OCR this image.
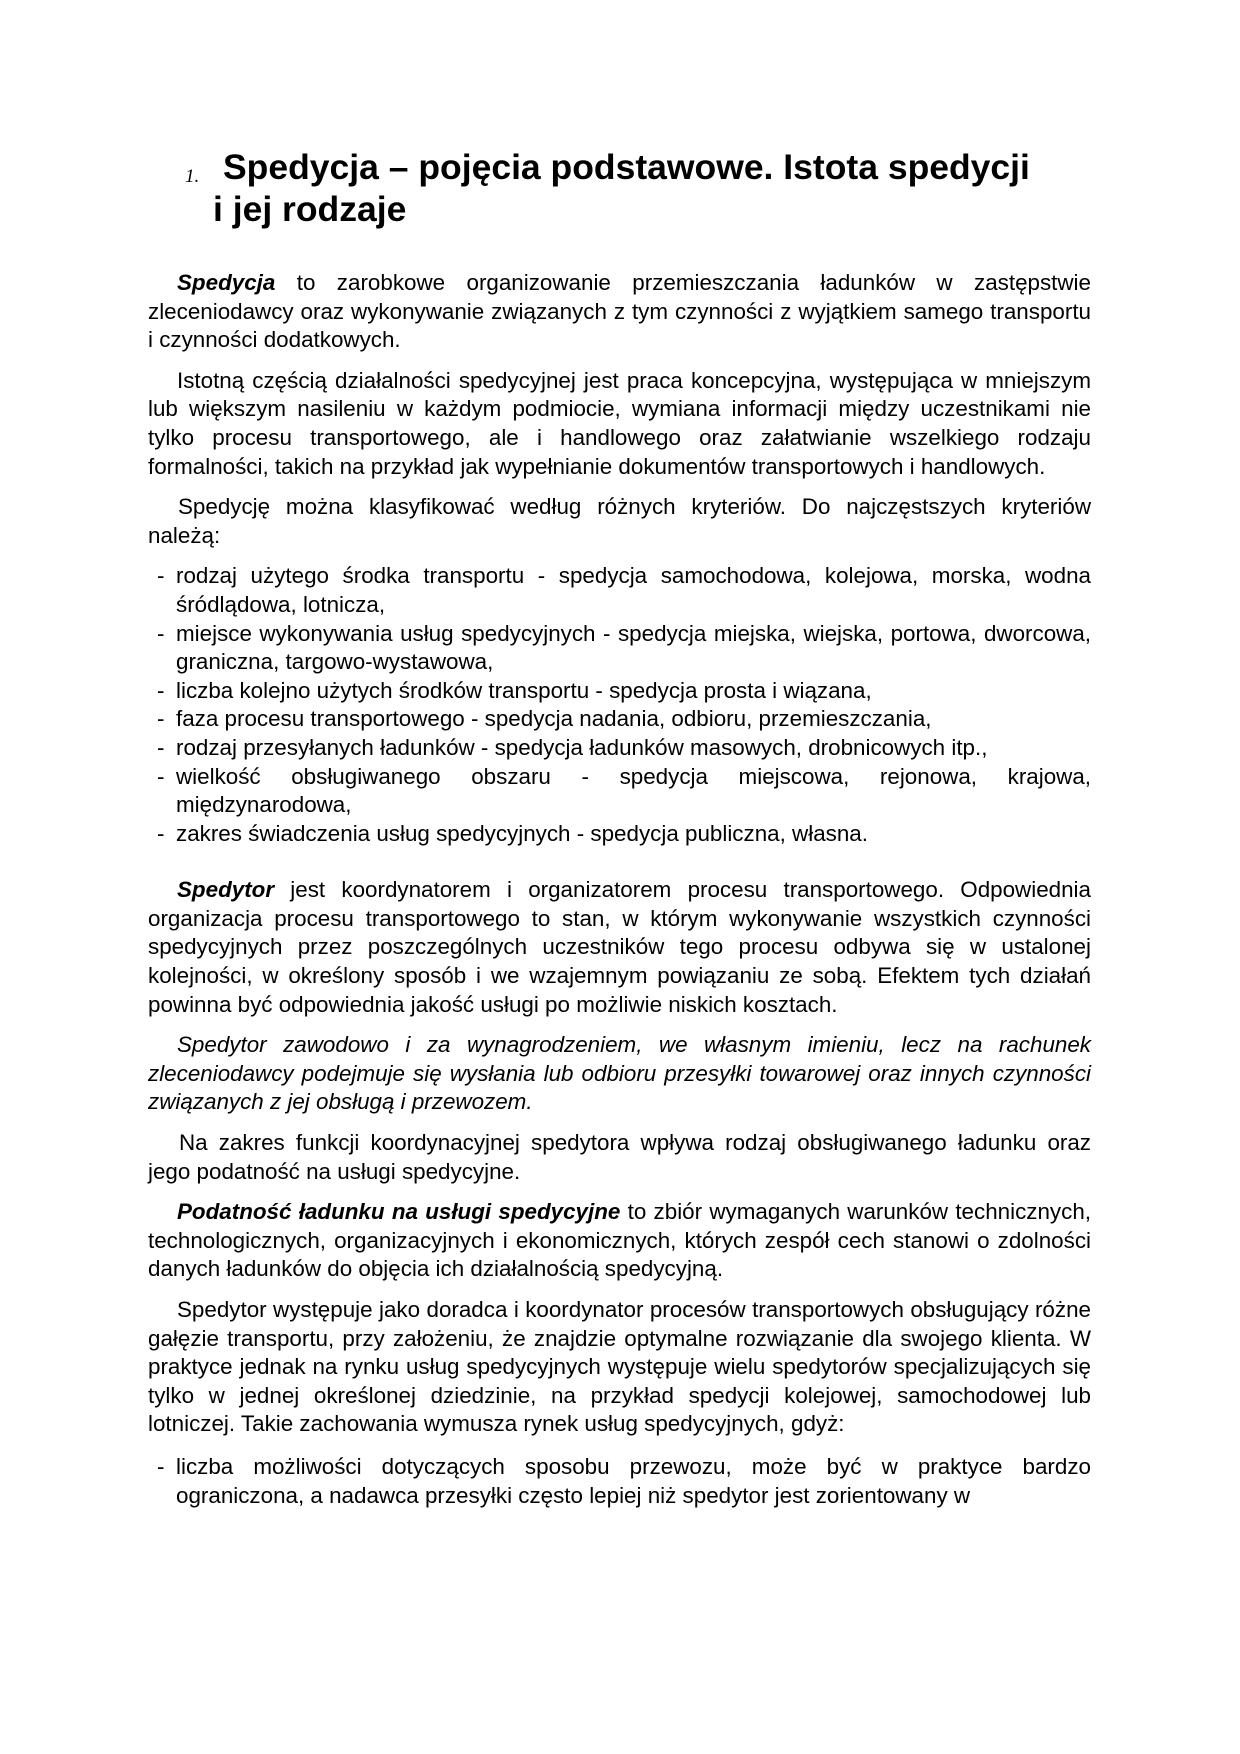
1. Spedycja – pojęcia podstawowe. Istota spedycji
i jej rodzaje

Spedycja to zarobkowe organizowanie przemieszczania ładunków w zastępstwie zleceniodawcy oraz wykonywanie związanych z tym czynności z wyjątkiem samego transportu i czynności dodatkowych.

Istotną częścią działalności spedycyjnej jest praca koncepcyjna, występująca w mniejszym lub większym nasileniu w każdym podmiocie, wymiana informacji między uczestnikami nie tylko procesu transportowego, ale i handlowego oraz załatwianie wszelkiego rodzaju formalności, takich na przykład jak wypełnianie dokumentów transportowych i handlowych.

Spedycję można klasyfikować według różnych kryteriów. Do najczęstszych kryteriów należą:

- rodzaj użytego środka transportu - spedycja samochodowa, kolejowa, morska, wodna śródlądowa, lotnicza,
- miejsce wykonywania usług spedycyjnych - spedycja miejska, wiejska, portowa, dworcowa, graniczna, targowo-wystawowa,
- liczba kolejno użytych środków transportu - spedycja prosta i wiązana,
- faza procesu transportowego - spedycja nadania, odbioru, przemieszczania,
- rodzaj przesyłanych ładunków - spedycja ładunków masowych, drobnicowych itp.,
- wielkość obsługiwanego obszaru - spedycja miejscowa, rejonowa, krajowa, międzynarodowa,
- zakres świadczenia usług spedycyjnych - spedycja publiczna, własna.

Spedytor jest koordynatorem i organizatorem procesu transportowego. Odpowiednia organizacja procesu transportowego to stan, w którym wykonywanie wszystkich czynności spedycyjnych przez poszczególnych uczestników tego procesu odbywa się w ustalonej kolejności, w określony sposób i we wzajemnym powiązaniu ze sobą. Efektem tych działań powinna być odpowiednia jakość usługi po możliwie niskich kosztach.

Spedytor zawodowo i za wynagrodzeniem, we własnym imieniu, lecz na rachunek zleceniodawcy podejmuje się wysłania lub odbioru przesyłki towarowej oraz innych czynności związanych z jej obsługą i przewozem.

Na zakres funkcji koordynacyjnej spedytora wpływa rodzaj obsługiwanego ładunku oraz jego podatność na usługi spedycyjne.

Podatność ładunku na usługi spedycyjne to zbiór wymaganych warunków technicznych, technologicznych, organizacyjnych i ekonomicznych, których zespół cech stanowi o zdolności danych ładunków do objęcia ich działalnością spedycyjną.

Spedytor występuje jako doradca i koordynator procesów transportowych obsługujący różne gałęzie transportu, przy założeniu, że znajdzie optymalne rozwiązanie dla swojego klienta. W praktyce jednak na rynku usług spedycyjnych występuje wielu spedytorów specjalizujących się tylko w jednej określonej dziedzinie, na przykład spedycji kolejowej, samochodowej lub lotniczej. Takie zachowania wymusza rynek usług spedycyjnych, gdyż:

- liczba możliwości dotyczących sposobu przewozu, może być w praktyce bardzo ograniczona, a nadawca przesyłki często lepiej niż spedytor jest zorientowany w
